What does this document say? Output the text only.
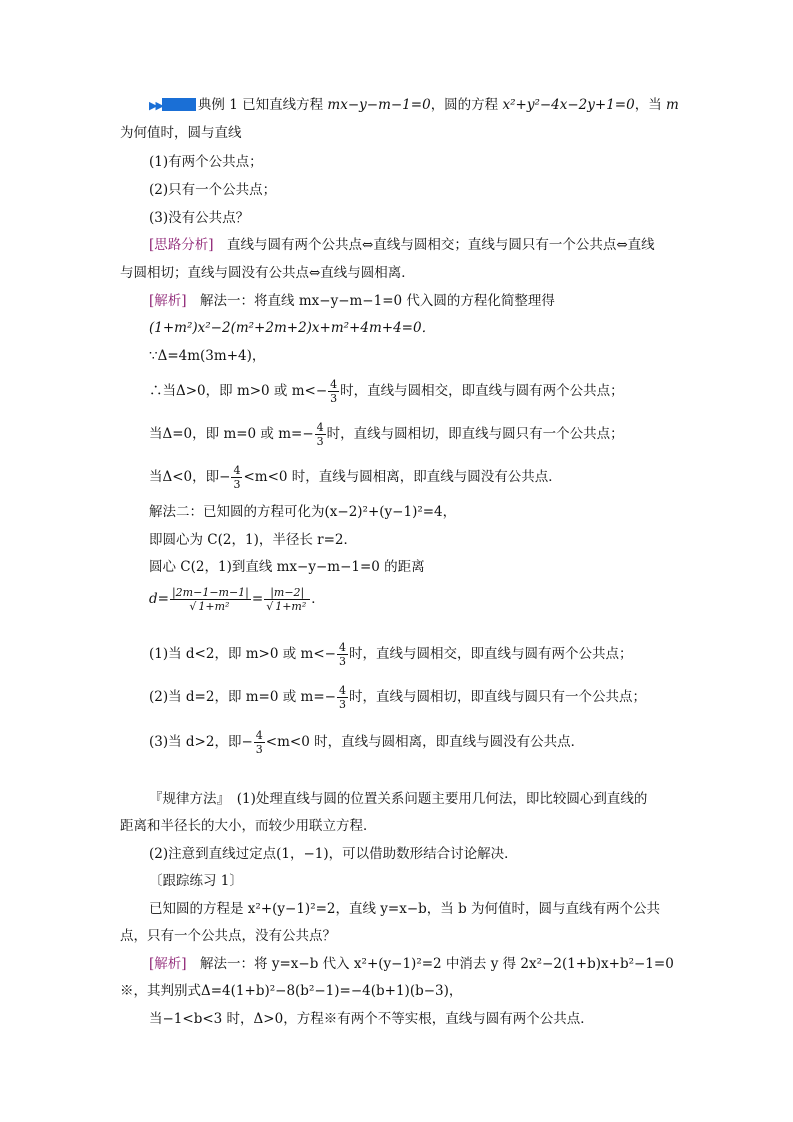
▶▶	典例 1 已知直线方程 mx−y−m−1=0，圆的方程 x²+y²−4x−2y+1=0，当 m
为何值时，圆与直线
(1)有两个公共点；
(2)只有一个公共点；
(3)没有公共点？
[思路分析]　直线与圆有两个公共点⇔直线与圆相交；直线与圆只有一个公共点⇔直线
与圆相切；直线与圆没有公共点⇔直线与圆相离．
[解析]　解法一：将直线 mx−y−m−1=0 代入圆的方程化简整理得
(1+m²)x²−2(m²+2m+2)x+m²+4m+4=0．
∵Δ=4m(3m+4)，
∴当Δ>0，即 m>0 或 $m<- \frac{4}{3}$ 时，直线与圆相交，即直线与圆有两个公共点；
当Δ=0，即 m=0 或 $m=- \frac{4}{3}$ 时，直线与圆相切，即直线与圆只有一个公共点；
当Δ<0，即− $\frac{4}{3} <m<0$ 时，直线与圆相离，即直线与圆没有公共点．
解法二：已知圆的方程可化为(x−2)²+(y−1)²=4，
即圆心为 C(2，1)，半径长 r=2．
圆心 C(2，1)到直线 mx−y−m−1=0 的距离
$d= \frac{|2m-1-m-1|}{\text{√ 1+m²}} = \frac{|m-2|}{\text{√ 1+m²}}$ ．
(1)当 d<2，即 m>0 或 $m<- \frac{4}{3}$ 时，直线与圆相交，即直线与圆有两个公共点；
(2)当 d=2，即 m=0 或 $m=- \frac{4}{3}$ 时，直线与圆相切，即直线与圆只有一个公共点；
(3)当 d>2，即− $\frac{4}{3} <m<0$ 时，直线与圆相离，即直线与圆没有公共点．
『规律方法』　(1)处理直线与圆的位置关系问题主要用几何法，即比较圆心到直线的
距离和半径长的大小，而较少用联立方程．
(2)注意到直线过定点(1，−1)，可以借助数形结合讨论解决．
〔跟踪练习 1〕
已知圆的方程是 x²+(y−1)²=2，直线 y=x−b，当 b 为何值时，圆与直线有两个公共
点，只有一个公共点，没有公共点？
[解析]　解法一：将 y=x−b 代入 x²+(y−1)²=2 中消去 y 得 2x²−2(1+b)x+b²−1=0
※，其判别式Δ=4(1+b)²−8(b²−1)=−4(b+1)(b−3)，
当−1<b<3 时，Δ>0，方程※有两个不等实根，直线与圆有两个公共点．
